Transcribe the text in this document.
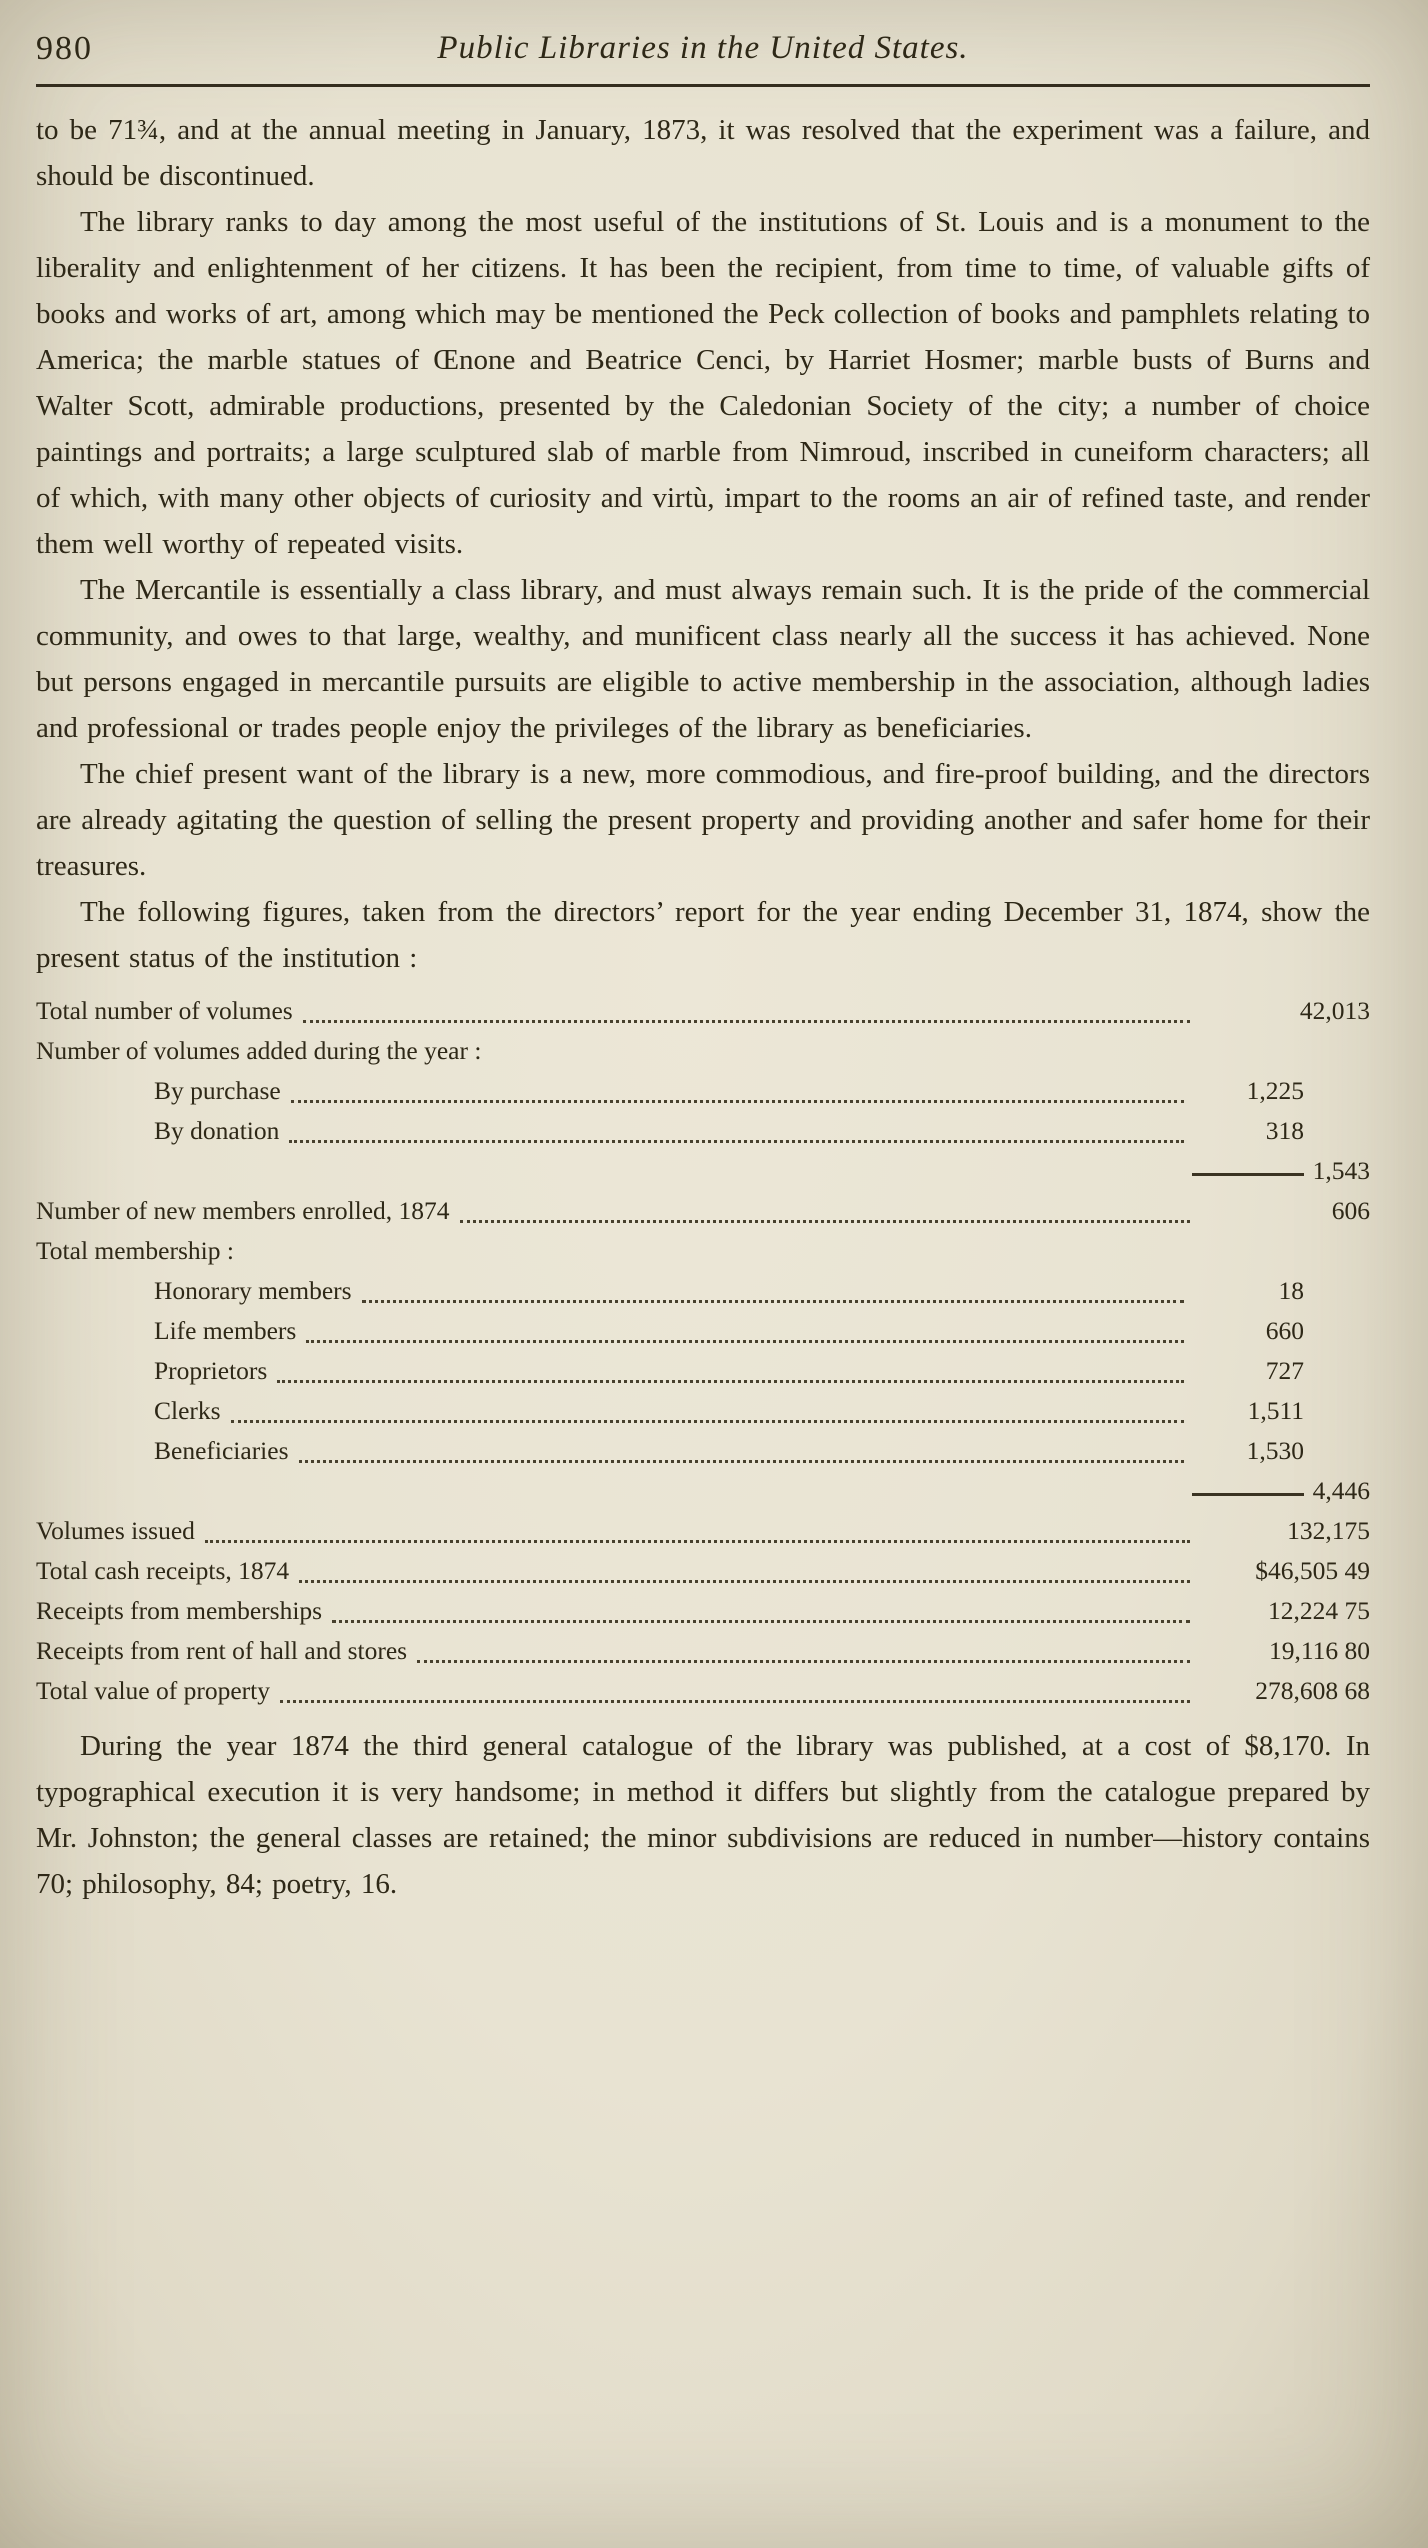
980	Public Libraries in the United States.

to be 71¾, and at the annual meeting in January, 1873, it was resolved that the experiment was a failure, and should be discontinued.

The library ranks to day among the most useful of the institutions of St. Louis and is a monument to the liberality and enlightenment of her citizens. It has been the recipient, from time to time, of valuable gifts of books and works of art, among which may be mentioned the Peck collection of books and pamphlets relating to America; the marble statues of Œnone and Beatrice Cenci, by Harriet Hosmer; marble busts of Burns and Walter Scott, admirable productions, presented by the Caledonian Society of the city; a number of choice paintings and portraits; a large sculptured slab of marble from Nimroud, inscribed in cuneiform characters; all of which, with many other objects of curiosity and virtù, impart to the rooms an air of refined taste, and render them well worthy of repeated visits.

The Mercantile is essentially a class library, and must always remain such. It is the pride of the commercial community, and owes to that large, wealthy, and munificent class nearly all the success it has achieved. None but persons engaged in mercantile pursuits are eligible to active membership in the association, although ladies and professional or trades people enjoy the privileges of the library as beneficiaries.

The chief present want of the library is a new, more commodious, and fire-proof building, and the directors are already agitating the question of selling the present property and providing another and safer home for their treasures.

The following figures, taken from the directors’ report for the year ending December 31, 1874, show the present status of the institution :

Total number of volumes	42,013
Number of volumes added during the year :
By purchase	1,225
By donation	318
1,543
Number of new members enrolled, 1874	606
Total membership :
Honorary members	18
Life members	660
Proprietors	727
Clerks	1,511
Beneficiaries	1,530
4,446
Volumes issued	132,175
Total cash receipts, 1874	$46,505 49
Receipts from memberships	12,224 75
Receipts from rent of hall and stores	19,116 80
Total value of property	278,608 68

During the year 1874 the third general catalogue of the library was published, at a cost of $8,170. In typographical execution it is very handsome; in method it differs but slightly from the catalogue prepared by Mr. Johnston; the general classes are retained; the minor subdivisions are reduced in number—history contains 70; philosophy, 84; poetry, 16.
